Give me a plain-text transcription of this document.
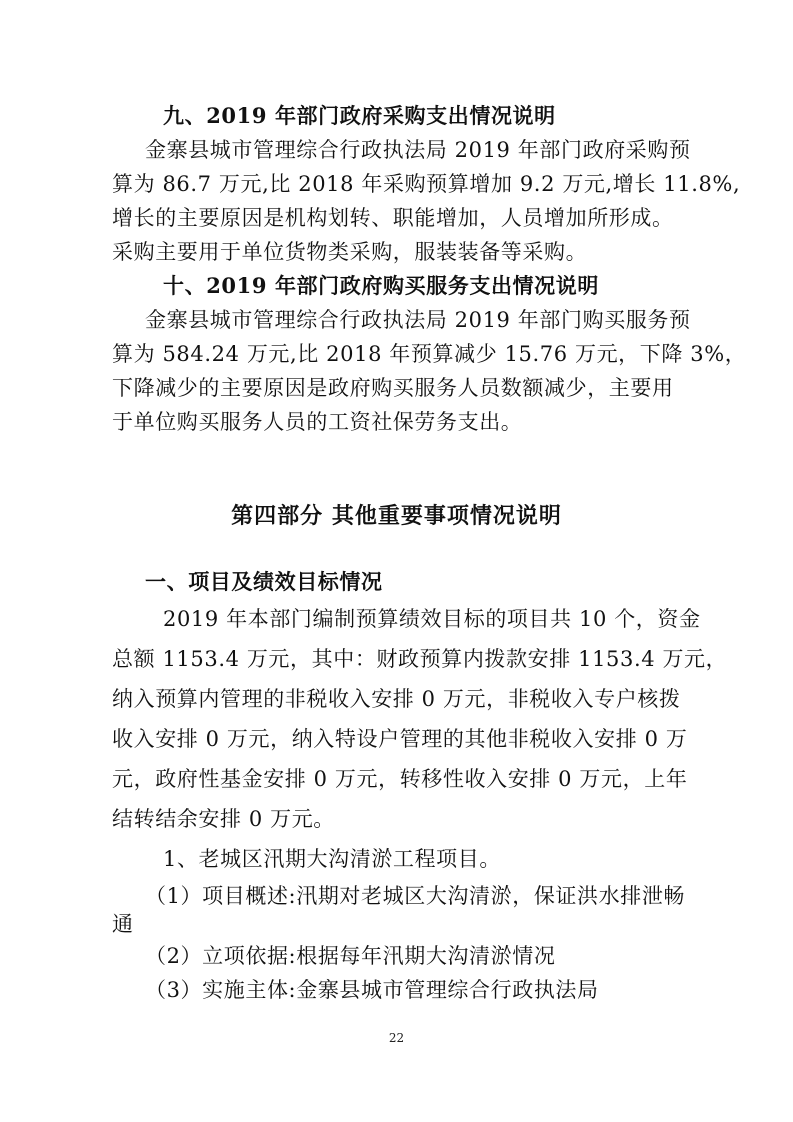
九、2019 年部门政府采购支出情况说明
金寨县城市管理综合行政执法局 2019 年部门政府采购预
算为 86.7 万元,比 2018 年采购预算增加 9.2 万元,增长 11.8%,
增长的主要原因是机构划转、职能增加，人员增加所形成。
采购主要用于单位货物类采购，服装装备等采购。
十、2019 年部门政府购买服务支出情况说明
金寨县城市管理综合行政执法局 2019 年部门购买服务预
算为 584.24 万元,比 2018 年预算减少 15.76 万元，下降 3%，
下降减少的主要原因是政府购买服务人员数额减少，主要用
于单位购买服务人员的工资社保劳务支出。
第四部分 其他重要事项情况说明
一、项目及绩效目标情况
2019 年本部门编制预算绩效目标的项目共 10 个，资金
总额 1153.4 万元，其中：财政预算内拨款安排 1153.4 万元，
纳入预算内管理的非税收入安排 0 万元，非税收入专户核拨
收入安排 0 万元，纳入特设户管理的其他非税收入安排 0 万
元，政府性基金安排 0 万元，转移性收入安排 0 万元，上年
结转结余安排 0 万元。
1、老城区汛期大沟清淤工程项目。
（1）项目概述:汛期对老城区大沟清淤，保证洪水排泄畅
通
（2）立项依据:根据每年汛期大沟清淤情况
（3）实施主体:金寨县城市管理综合行政执法局
22
